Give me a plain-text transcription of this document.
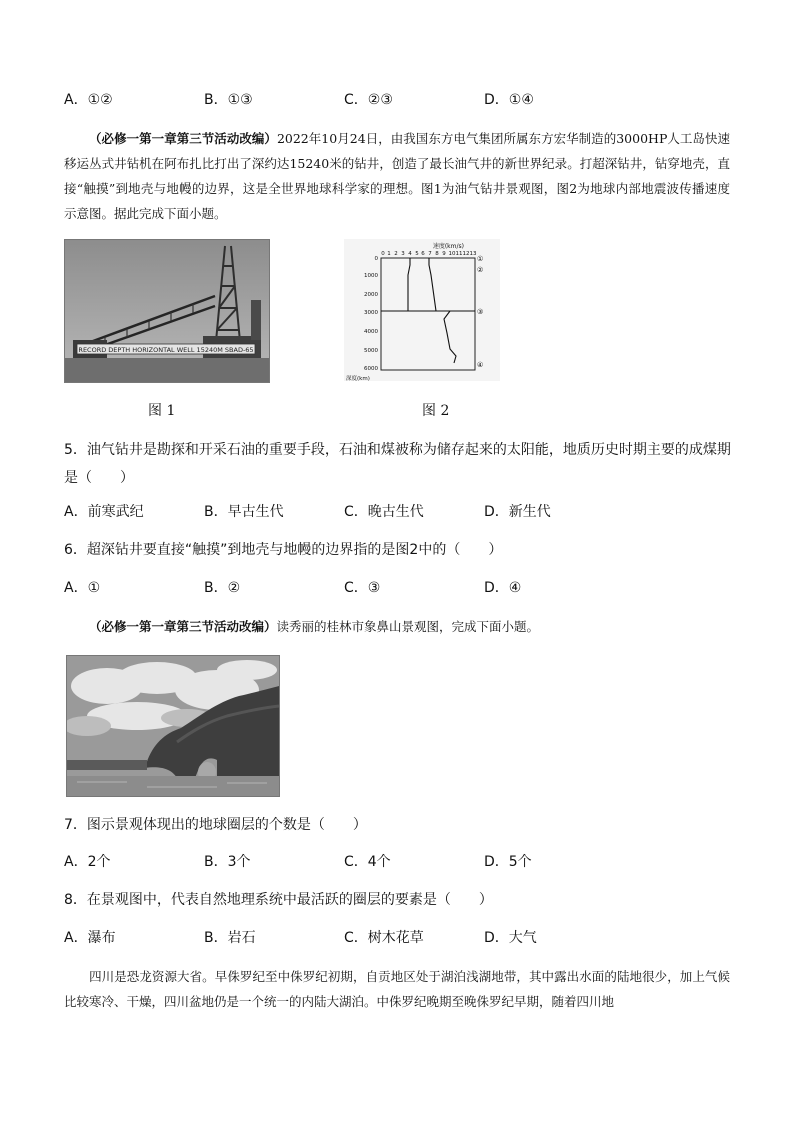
A．①②	B．①③	C．②③	D．①④
（必修一第一章第三节活动改编）2022年10月24日，由我国东方电气集团所属东方宏华制造的3000HP人工岛快速移运丛式井钻机在阿布扎比打出了深约达15240米的钻井，创造了最长油气井的新世界纪录。打超深钻井，钻穿地壳，直接“触摸”到地壳与地幔的边界，这是全世界地球科学家的理想。图1为油气钻井景观图，图2为地球内部地震波传播速度示意图。据此完成下面小题。
RECORD DEPTH HORIZONTAL WELL 15240M SBAD-65
图 1
速度(km/s)
0 1 2 3 4 5 6 7 8 9 10 11 12 13
0
1000
2000
3000
4000
5000
6000
深度(km)
①
②
③
④
图 2
5．油气钻井是勘探和开采石油的重要手段，石油和煤被称为储存起来的太阳能，地质历史时期主要的成煤期是（　　）
A．前寒武纪	B．早古生代	C．晚古生代	D．新生代
6．超深钻井要直接“触摸”到地壳与地幔的边界指的是图2中的（　　）
A．①	B．②	C．③	D．④
（必修一第一章第三节活动改编）读秀丽的桂林市象鼻山景观图，完成下面小题。
7．图示景观体现出的地球圈层的个数是（　　）
A．2个	B．3个	C．4个	D．5个
8．在景观图中，代表自然地理系统中最活跃的圈层的要素是（　　）
A．瀑布	B．岩石	C．树木花草	D．大气
四川是恐龙资源大省。早侏罗纪至中侏罗纪初期，自贡地区处于湖泊浅湖地带，其中露出水面的陆地很少，加上气候比较寒冷、干燥，四川盆地仍是一个统一的内陆大湖泊。中侏罗纪晚期至晚侏罗纪早期，随着四川地
